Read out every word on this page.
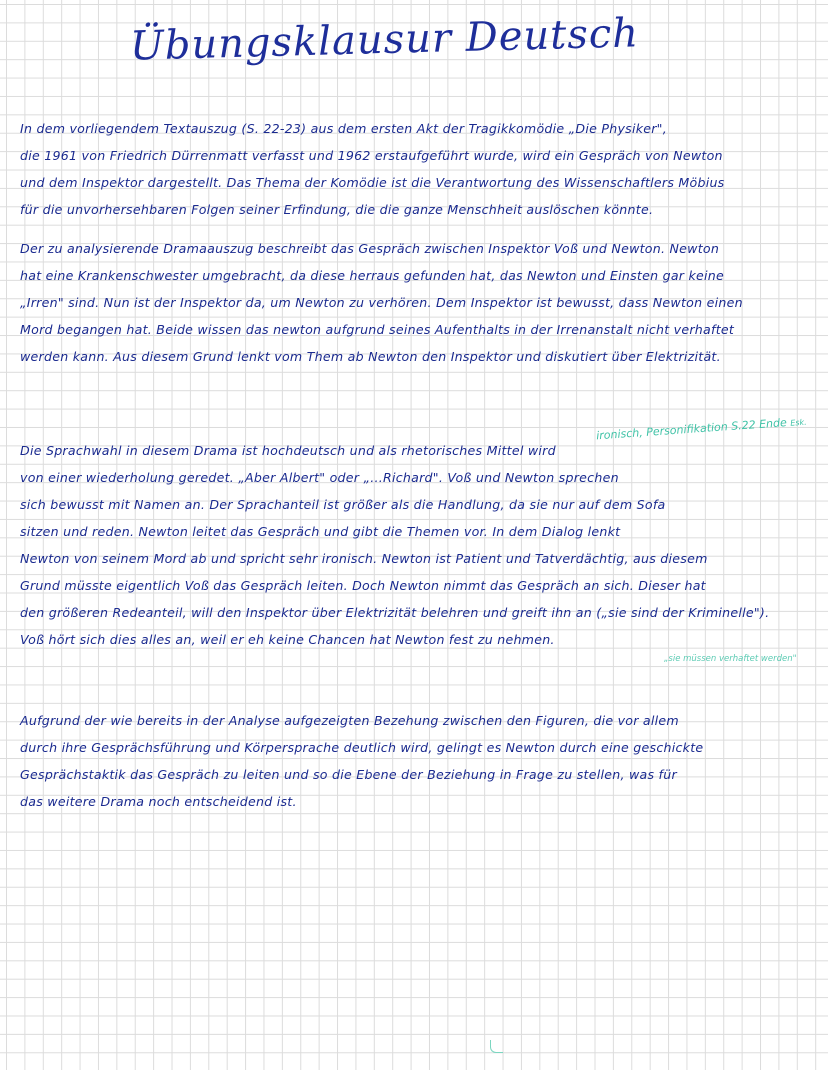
Übungsklausur Deutsch
In dem vorliegendem Textauszug (S. 22-23) aus dem ersten Akt der Tragikkomödie „Die Physiker",
die 1961 von Friedrich Dürrenmatt verfasst und 1962 erstaufgeführt wurde, wird ein Gespräch von Newton
und dem Inspektor dargestellt. Das Thema der Komödie ist die Verantwortung des Wissenschaftlers Möbius
für die unvorhersehbaren Folgen seiner Erfindung, die die ganze Menschheit auslöschen könnte.
Der zu analysierende Dramaauszug beschreibt das Gespräch zwischen Inspektor Voß und Newton. Newton
hat eine Krankenschwester umgebracht, da diese herraus gefunden hat, das Newton und Einsten gar keine
„Irren" sind. Nun ist der Inspektor da, um Newton zu verhören. Dem Inspektor ist bewusst, dass Newton einen
Mord begangen hat. Beide wissen das newton aufgrund seines Aufenthalts in der Irrenanstalt nicht verhaftet
werden kann. Aus diesem Grund lenkt vom Them ab Newton den Inspektor und diskutiert über Elektrizität.
ironisch, Personifikation S.22 Ende Esk.
Die Sprachwahl in diesem Drama ist hochdeutsch und als rhetorisches Mittel wird
von einer wiederholung geredet. „Aber Albert" oder „...Richard". Voß und Newton sprechen
sich bewusst mit Namen an. Der Sprachanteil ist größer als die Handlung, da sie nur auf dem Sofa
sitzen und reden. Newton leitet das Gespräch und gibt die Themen vor. In dem Dialog lenkt
Newton von seinem Mord ab und spricht sehr ironisch. Newton ist Patient und Tatverdächtig, aus diesem
Grund müsste eigentlich Voß das Gespräch leiten. Doch Newton nimmt das Gespräch an sich. Dieser hat
den größeren Redeanteil, will den Inspektor über Elektrizität belehren und greift ihn an („sie sind der Kriminelle").
Voß hört sich dies alles an, weil er eh keine Chancen hat Newton fest zu nehmen.
„sie müssen verhaftet werden"
Aufgrund der wie bereits in der Analyse aufgezeigten Bezehung zwischen den Figuren, die vor allem
durch ihre Gesprächsführung und Körpersprache deutlich wird, gelingt es Newton durch eine geschickte
Gesprächstaktik das Gespräch zu leiten und so die Ebene der Beziehung in Frage zu stellen, was für
das weitere Drama noch entscheidend ist.
